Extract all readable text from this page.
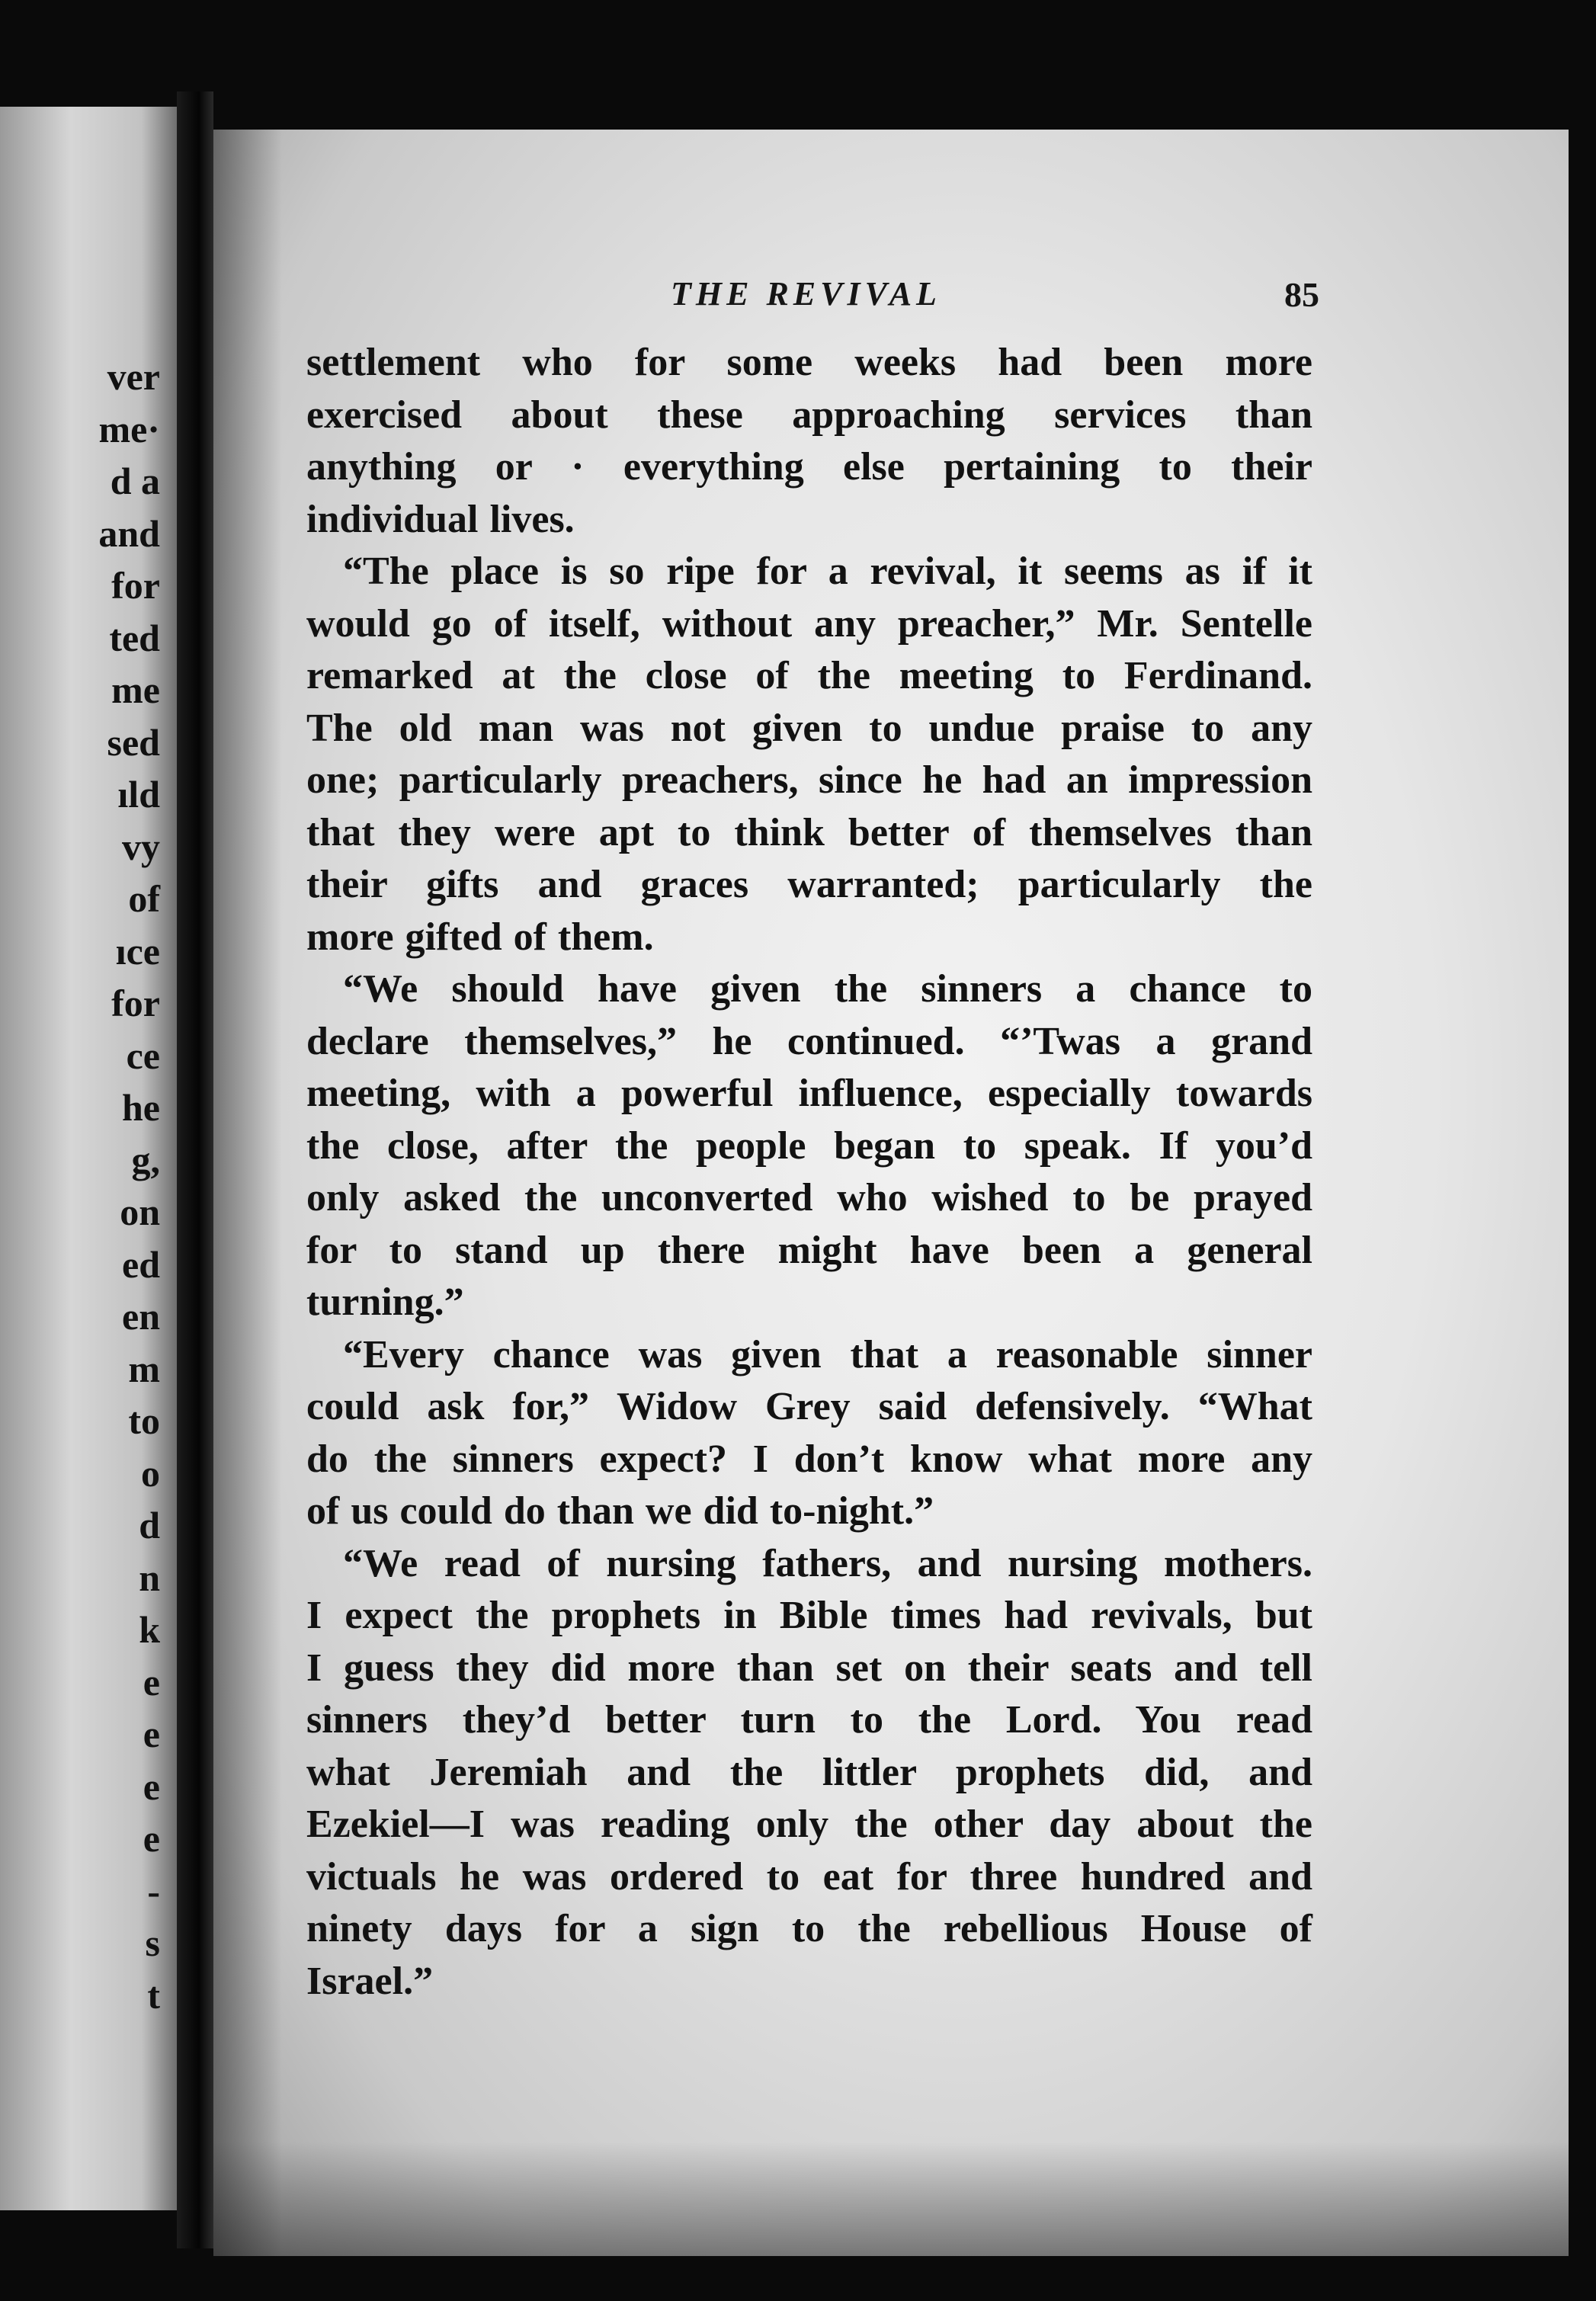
ver
me·
d a
and
for
ted
me
sed
ıld
vy
of
ıce
for
ce
he
g,
on
ed
en
m
to
o
d
n
k
e
e
e
e
-
s
t
THE REVIVAL	85
settlement who for some weeks had been more
exercised about these approaching services than
anything or · everything else pertaining to their
individual lives.
“The place is so ripe for a revival, it seems as if it
would go of itself, without any preacher,” Mr. Sentelle
remarked at the close of the meeting to Ferdinand.
The old man was not given to undue praise to any
one; particularly preachers, since he had an impression
that they were apt to think better of themselves than
their gifts and graces warranted; particularly the
more gifted of them.
“We should have given the sinners a chance to
declare themselves,” he continued. “’Twas a grand
meeting, with a powerful influence, especially towards
the close, after the people began to speak. If you’d
only asked the unconverted who wished to be prayed
for to stand up there might have been a general
turning.”
“Every chance was given that a reasonable sinner
could ask for,” Widow Grey said defensively. “What
do the sinners expect? I don’t know what more any
of us could do than we did to-night.”
“We read of nursing fathers, and nursing mothers.
I expect the prophets in Bible times had revivals, but
I guess they did more than set on their seats and tell
sinners they’d better turn to the Lord. You read
what Jeremiah and the littler prophets did, and
Ezekiel—I was reading only the other day about the
victuals he was ordered to eat for three hundred and
ninety days for a sign to the rebellious House of
Israel.”
